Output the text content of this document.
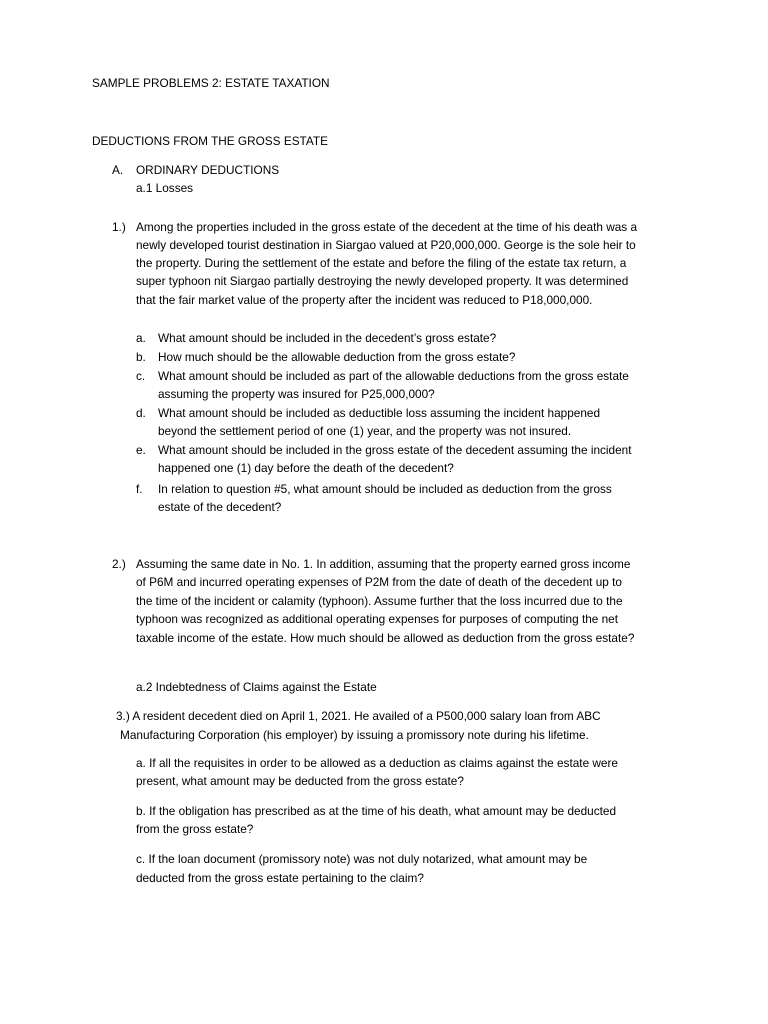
SAMPLE PROBLEMS 2: ESTATE TAXATION
DEDUCTIONS FROM THE GROSS ESTATE
A. ORDINARY DEDUCTIONS
a.1 Losses
1.) Among the properties included in the gross estate of the decedent at the time of his death was a
newly developed tourist destination in Siargao valued at P20,000,000. George is the sole heir to
the property. During the settlement of the estate and before the filing of the estate tax return, a
super typhoon nit Siargao partially destroying the newly developed property. It was determined
that the fair market value of the property after the incident was reduced to P18,000,000.
a. What amount should be included in the decedent’s gross estate?
b. How much should be the allowable deduction from the gross estate?
c. What amount should be included as part of the allowable deductions from the gross estate
assuming the property was insured for P25,000,000?
d. What amount should be included as deductible loss assuming the incident happened
beyond the settlement period of one (1) year, and the property was not insured.
e. What amount should be included in the gross estate of the decedent assuming the incident
happened one (1) day before the death of the decedent?
f. In relation to question #5, what amount should be included as deduction from the gross
estate of the decedent?
2.) Assuming the same date in No. 1. In addition, assuming that the property earned gross income
of P6M and incurred operating expenses of P2M from the date of death of the decedent up to
the time of the incident or calamity (typhoon). Assume further that the loss incurred due to the
typhoon was recognized as additional operating expenses for purposes of computing the net
taxable income of the estate. How much should be allowed as deduction from the gross estate?
a.2 Indebtedness of Claims against the Estate
3.) A resident decedent died on April 1, 2021. He availed of a P500,000 salary loan from ABC
Manufacturing Corporation (his employer) by issuing a promissory note during his lifetime.
a. If all the requisites in order to be allowed as a deduction as claims against the estate were
present, what amount may be deducted from the gross estate?
b. If the obligation has prescribed as at the time of his death, what amount may be deducted
from the gross estate?
c. If the loan document (promissory note) was not duly notarized, what amount may be
deducted from the gross estate pertaining to the claim?
